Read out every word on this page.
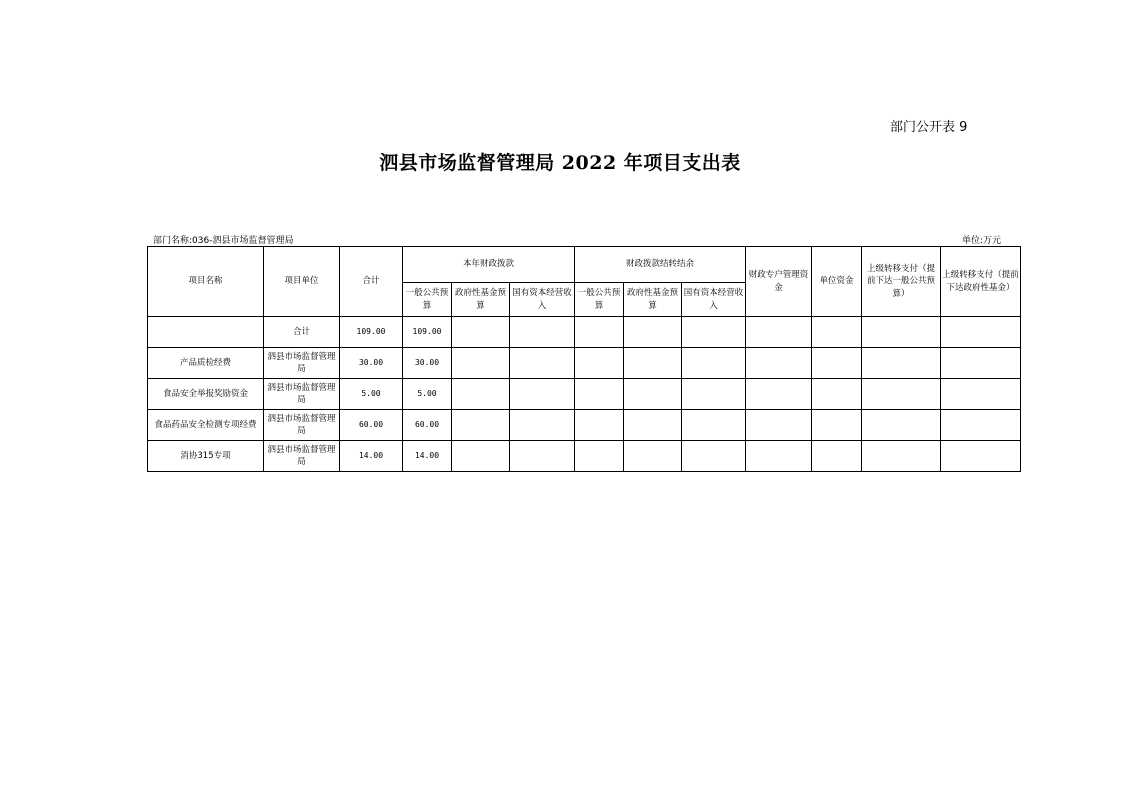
部门公开表 9
泗县市场监督管理局 2022 年项目支出表
部门名称:036-泗县市场监督管理局	单位:万元
项目名称	项目单位	合计	本年财政拨款			财政拨款结转结余			财政专户管理资金	单位资金	上级转移支付（提前下达一般公共预算）	上级转移支付（提前下达政府性基金）
			一般公共预算	政府性基金预算	国有资本经营收入	一般公共预算	政府性基金预算	国有资本经营收入				
	合计	109.00	109.00									
产品质检经费	泗县市场监督管理局	30.00	30.00									
食品安全举报奖励资金	泗县市场监督管理局	5.00	5.00									
食品药品安全检测专项经费	泗县市场监督管理局	60.00	60.00									
消协315专项	泗县市场监督管理局	14.00	14.00									
